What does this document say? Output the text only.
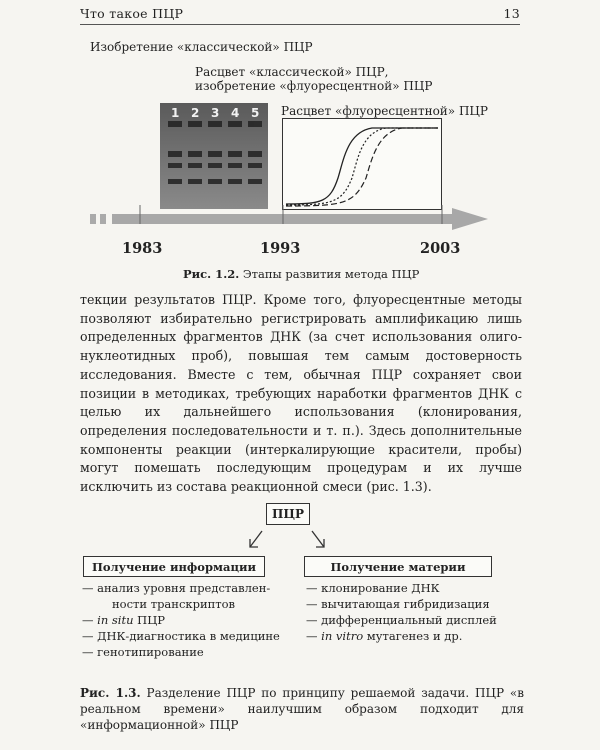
Что такое ПЦР	13
Изобретение «классической» ПЦР
Расцвет «классической» ПЦР,
изобретение «флуоресцентной» ПЦР
Расцвет «флуоресцентной» ПЦР
1 2 3 4 5
1983	1993	2003
Рис. 1.2. Этапы развития метода ПЦР

текции результатов ПЦР. Кроме того, флуоресцентные методы позволяют избирательно регистрировать амплификацию лишь определенных фрагментов ДНК (за счет использования олиго-нуклеотидных проб), повышая тем самым достоверность исследования. Вместе с тем, обычная ПЦР сохраняет свои позиции в методиках, требующих наработки фрагментов ДНК с целью их дальнейшего использования (клонирования, определения последовательности и т. п.). Здесь дополнительные компоненты реакции (интеркалирующие красители, пробы) могут помешать последующим процедурам и их лучше исключить из состава реакционной смеси (рис. 1.3).

ПЦР
Получение информации	Получение материи
— анализ уровня представлен-
ности транскриптов
— in situ ПЦР
— ДНК-диагностика в медицине
— генотипирование
— клонирование ДНК
— вычитающая гибридизация
— дифференциальный дисплей
— in vitro мутагенез и др.

Рис. 1.3. Разделение ПЦР по принципу решаемой задачи. ПЦР «в реальном времени» наилучшим образом подходит для «информационной» ПЦР
